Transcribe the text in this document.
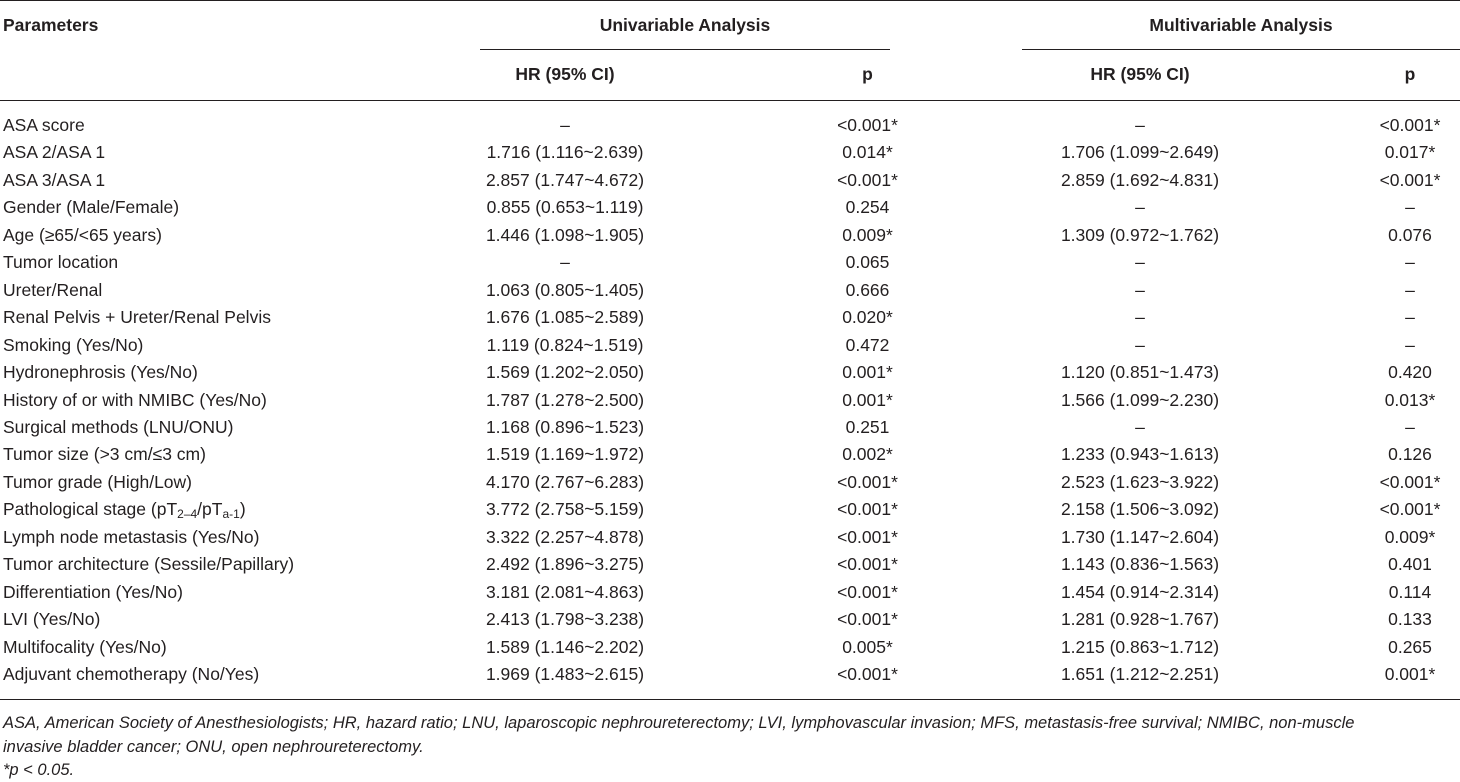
Parameters	Univariable Analysis	Multivariable Analysis
HR (95% CI)	p	HR (95% CI)	p
ASA score	–	<0.001*	–	<0.001*
ASA 2/ASA 1	1.716 (1.116~2.639)	0.014*	1.706 (1.099~2.649)	0.017*
ASA 3/ASA 1	2.857 (1.747~4.672)	<0.001*	2.859 (1.692~4.831)	<0.001*
Gender (Male/Female)	0.855 (0.653~1.119)	0.254	–	–
Age (≥65/<65 years)	1.446 (1.098~1.905)	0.009*	1.309 (0.972~1.762)	0.076
Tumor location	–	0.065	–	–
Ureter/Renal	1.063 (0.805~1.405)	0.666	–	–
Renal Pelvis + Ureter/Renal Pelvis	1.676 (1.085~2.589)	0.020*	–	–
Smoking (Yes/No)	1.119 (0.824~1.519)	0.472	–	–
Hydronephrosis (Yes/No)	1.569 (1.202~2.050)	0.001*	1.120 (0.851~1.473)	0.420
History of or with NMIBC (Yes/No)	1.787 (1.278~2.500)	0.001*	1.566 (1.099~2.230)	0.013*
Surgical methods (LNU/ONU)	1.168 (0.896~1.523)	0.251	–	–
Tumor size (>3 cm/≤3 cm)	1.519 (1.169~1.972)	0.002*	1.233 (0.943~1.613)	0.126
Tumor grade (High/Low)	4.170 (2.767~6.283)	<0.001*	2.523 (1.623~3.922)	<0.001*
Pathological stage $(pT_{2-4}/pT_{a-1})$	3.772 (2.758~5.159)	<0.001*	2.158 (1.506~3.092)	<0.001*
Lymph node metastasis (Yes/No)	3.322 (2.257~4.878)	<0.001*	1.730 (1.147~2.604)	0.009*
Tumor architecture (Sessile/Papillary)	2.492 (1.896~3.275)	<0.001*	1.143 (0.836~1.563)	0.401
Differentiation (Yes/No)	3.181 (2.081~4.863)	<0.001*	1.454 (0.914~2.314)	0.114
LVI (Yes/No)	2.413 (1.798~3.238)	<0.001*	1.281 (0.928~1.767)	0.133
Multifocality (Yes/No)	1.589 (1.146~2.202)	0.005*	1.215 (0.863~1.712)	0.265
Adjuvant chemotherapy (No/Yes)	1.969 (1.483~2.615)	<0.001*	1.651 (1.212~2.251)	0.001*
ASA, American Society of Anesthesiologists; HR, hazard ratio; LNU, laparoscopic nephroureterectomy; LVI, lymphovascular invasion; MFS, metastasis-free survival; NMIBC, non-muscle
invasive bladder cancer; ONU, open nephroureterectomy.
*p < 0.05.
